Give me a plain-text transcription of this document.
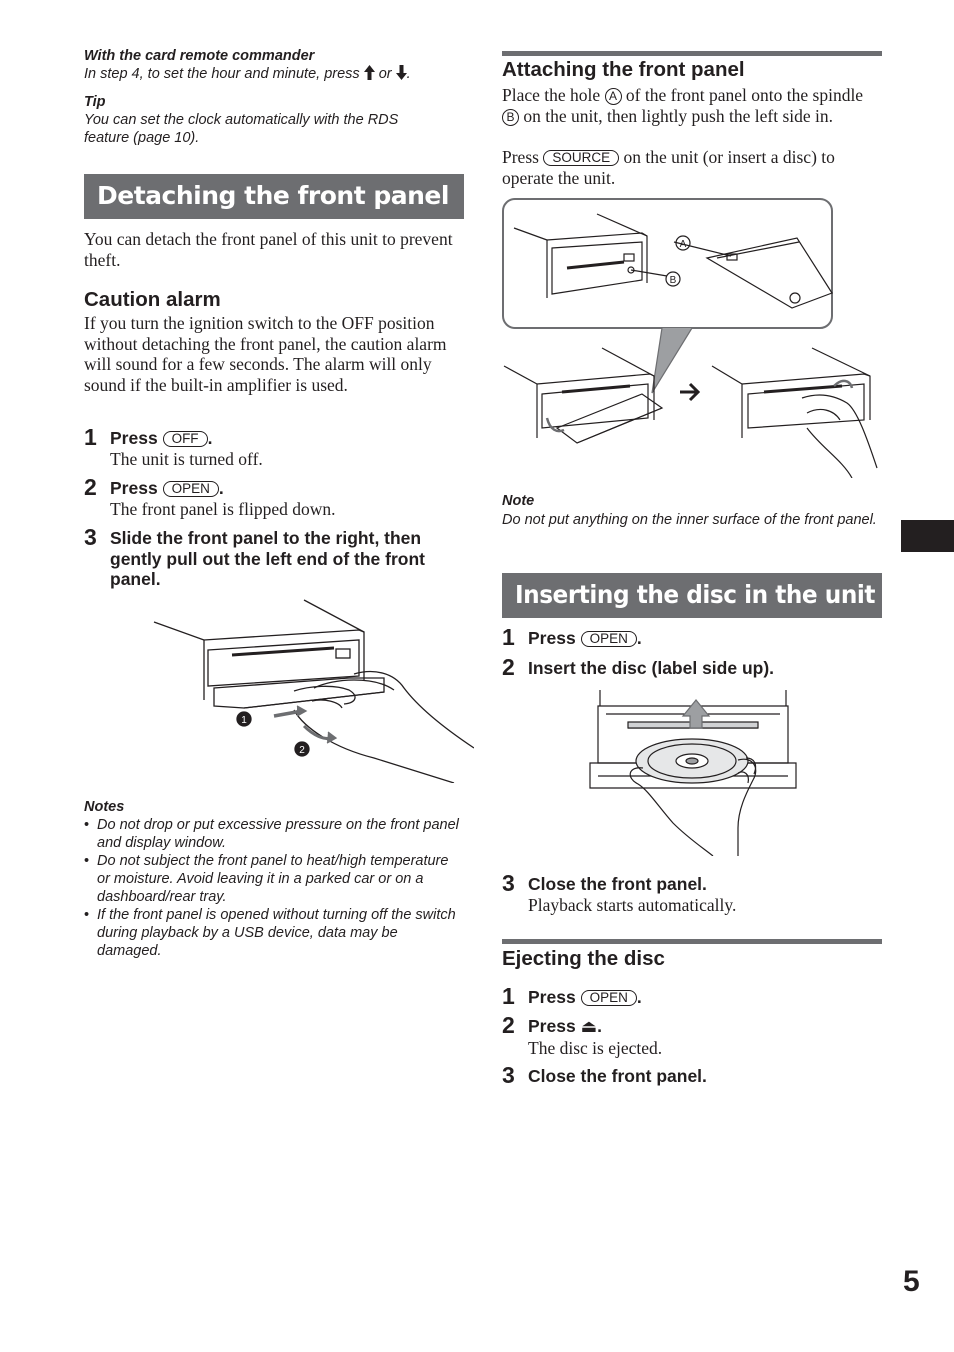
With the card remote commander
In step 4, to set the hour and minute, press or .
Tip
You can set the clock automatically with the RDS feature (page 10).
Detaching the front panel
You can detach the front panel of this unit to prevent theft.
Caution alarm
If you turn the ignition switch to the OFF position without detaching the front panel, the caution alarm will sound for a few seconds. The alarm will only sound if the built-in amplifier is used.
1 Press OFF .
The unit is turned off.
2 Press OPEN .
The front panel is flipped down.
3 Slide the front panel to the right, then gently pull out the left end of the front panel.
1
2
Notes
• Do not drop or put excessive pressure on the front panel and display window.
• Do not subject the front panel to heat/high temperature or moisture. Avoid leaving it in a parked car or on a dashboard/rear tray.
• If the front panel is opened without turning off the switch during playback by a USB device, data may be damaged.
Attaching the front panel
Place the hole A of the front panel onto the spindle B on the unit, then lightly push the left side in.
Press SOURCE on the unit (or insert a disc) to operate the unit.
A
B
Note
Do not put anything on the inner surface of the front panel.
Inserting the disc in the unit
1 Press OPEN .
2 Insert the disc (label side up).
3 Close the front panel.
Playback starts automatically.
Ejecting the disc
1 Press OPEN .
2 Press ⏏.
The disc is ejected.
3 Close the front panel.
5
